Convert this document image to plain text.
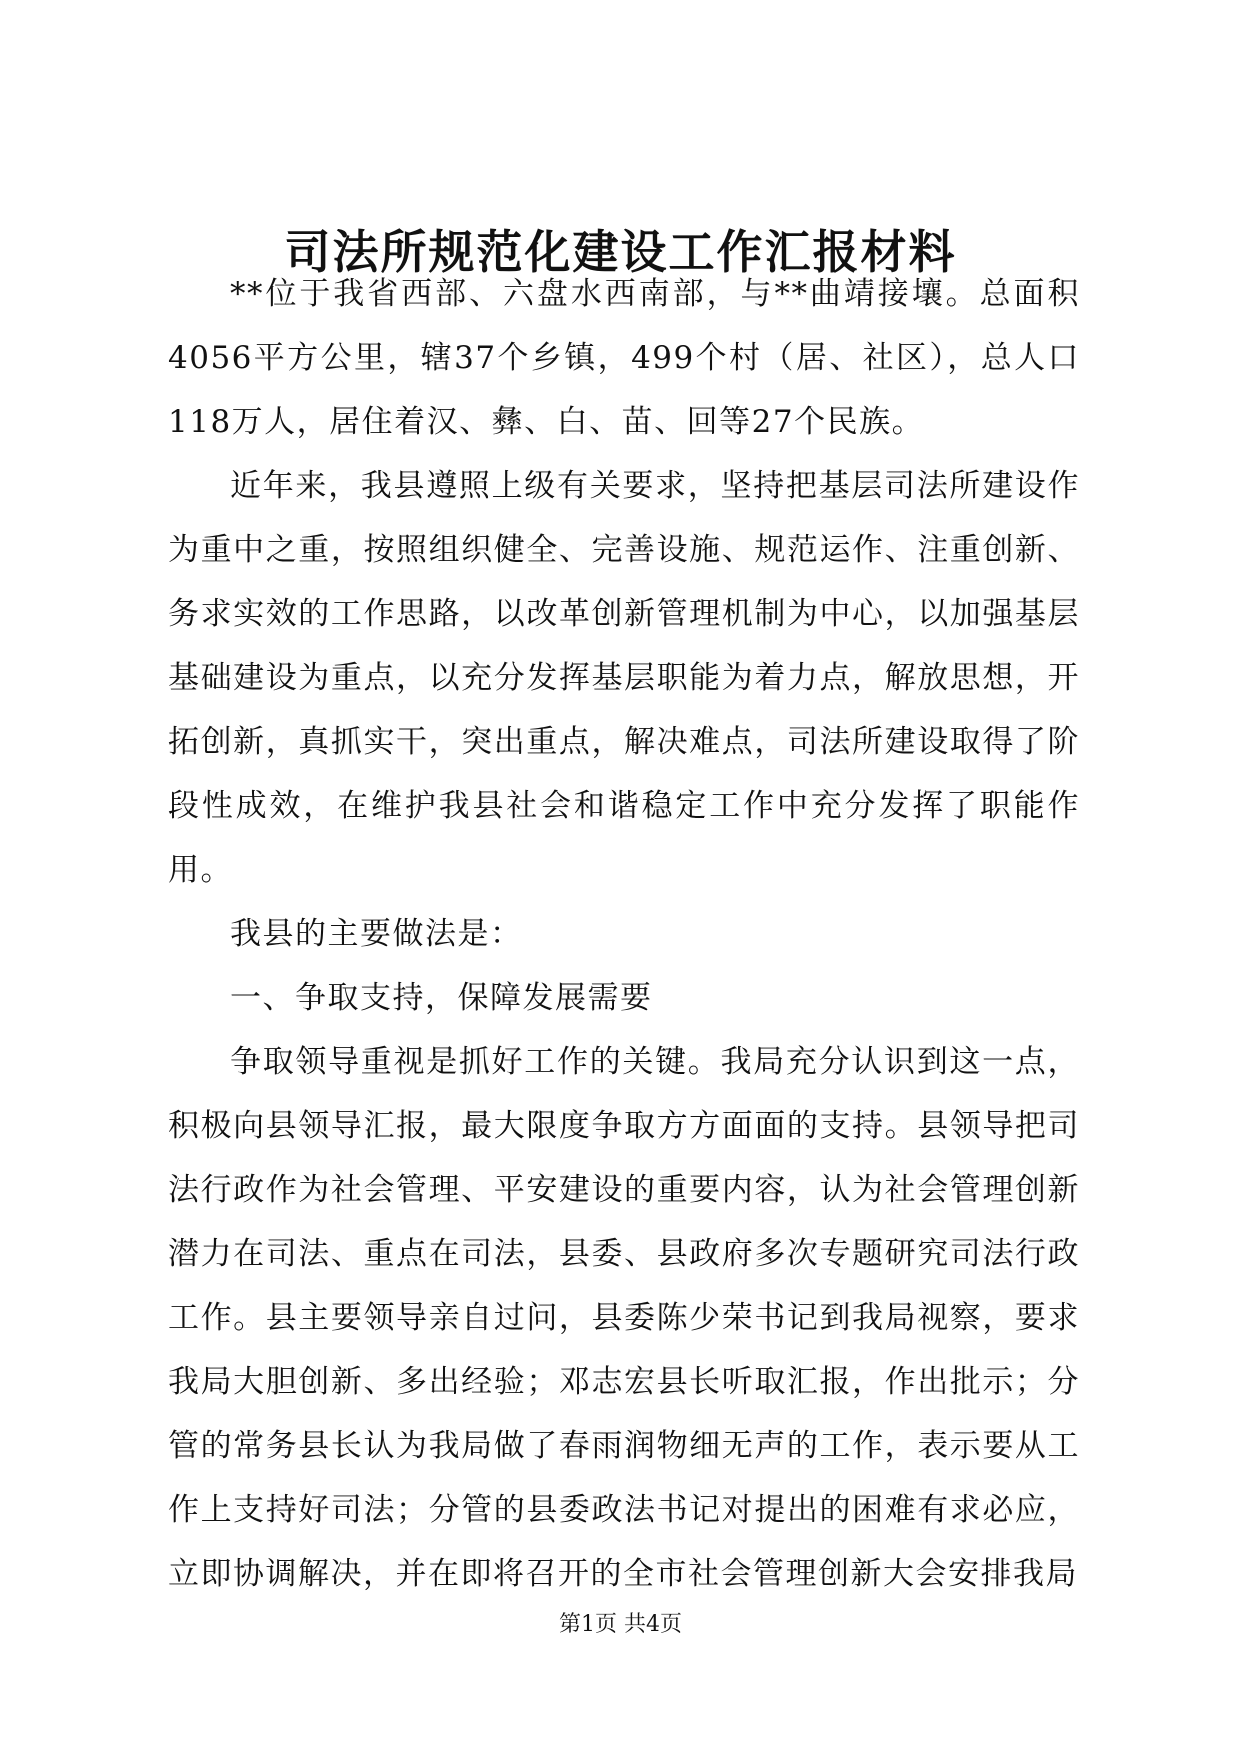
司法所规范化建设工作汇报材料

**位于我省西部、六盘水西南部，与**曲靖接壤。总面积4056平方公里，辖37个乡镇，499个村（居、社区），总人口118万人，居住着汉、彝、白、苗、回等27个民族。

近年来，我县遵照上级有关要求，坚持把基层司法所建设作为重中之重，按照组织健全、完善设施、规范运作、注重创新、务求实效的工作思路，以改革创新管理机制为中心，以加强基层基础建设为重点，以充分发挥基层职能为着力点，解放思想，开拓创新，真抓实干，突出重点，解决难点，司法所建设取得了阶段性成效，在维护我县社会和谐稳定工作中充分发挥了职能作用。

我县的主要做法是：

一、争取支持，保障发展需要

争取领导重视是抓好工作的关键。我局充分认识到这一点，积极向县领导汇报，最大限度争取方方面面的支持。县领导把司法行政作为社会管理、平安建设的重要内容，认为社会管理创新潜力在司法、重点在司法，县委、县政府多次专题研究司法行政工作。县主要领导亲自过问，县委陈少荣书记到我局视察，要求我局大胆创新、多出经验；邓志宏县长听取汇报，作出批示；分管的常务县长认为我局做了春雨润物细无声的工作，表示要从工作上支持好司法；分管的县委政法书记对提出的困难有求必应，立即协调解决，并在即将召开的全市社会管理创新大会安排我局

第1页 共4页
